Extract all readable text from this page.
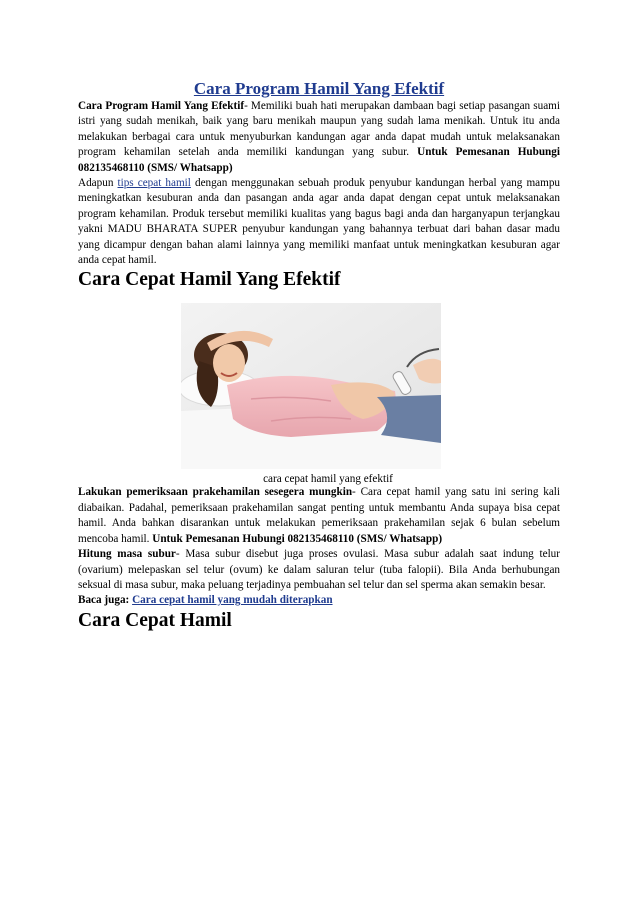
Cara Program Hamil Yang Efektif

Cara Program Hamil Yang Efektif- Memiliki buah hati merupakan dambaan bagi setiap pasangan suami istri yang sudah menikah, baik yang baru menikah maupun yang sudah lama menikah. Untuk itu anda melakukan berbagai cara untuk menyuburkan kandungan agar anda dapat mudah untuk melaksanakan program kehamilan setelah anda memiliki kandungan yang subur. Untuk Pemesanan Hubungi 082135468110 (SMS/ Whatsapp)

Adapun tips cepat hamil dengan menggunakan sebuah produk penyubur kandungan herbal yang mampu meningkatkan kesuburan anda dan pasangan anda agar anda dapat dengan cepat untuk melaksanakan program kehamilan. Produk tersebut memiliki kualitas yang bagus bagi anda dan harganyapun terjangkau yakni MADU BHARATA SUPER penyubur kandungan yang bahannya terbuat dari bahan dasar madu yang dicampur dengan bahan alami lainnya yang memiliki manfaat untuk meningkatkan kesuburan agar anda cepat hamil.

Cara Cepat Hamil Yang Efektif
cara cepat hamil yang efektif

Lakukan pemeriksaan prakehamilan sesegera mungkin- Cara cepat hamil yang satu ini sering kali diabaikan. Padahal, pemeriksaan prakehamilan sangat penting untuk membantu Anda supaya bisa cepat hamil. Anda bahkan disarankan untuk melakukan pemeriksaan prakehamilan sejak 6 bulan sebelum mencoba hamil. Untuk Pemesanan Hubungi 082135468110 (SMS/ Whatsapp)

Hitung masa subur- Masa subur disebut juga proses ovulasi. Masa subur adalah saat indung telur (ovarium) melepaskan sel telur (ovum) ke dalam saluran telur (tuba falopii). Bila Anda berhubungan seksual di masa subur, maka peluang terjadinya pembuahan sel telur dan sel sperma akan semakin besar.

Baca juga: Cara cepat hamil yang mudah diterapkan

Cara Cepat Hamil
